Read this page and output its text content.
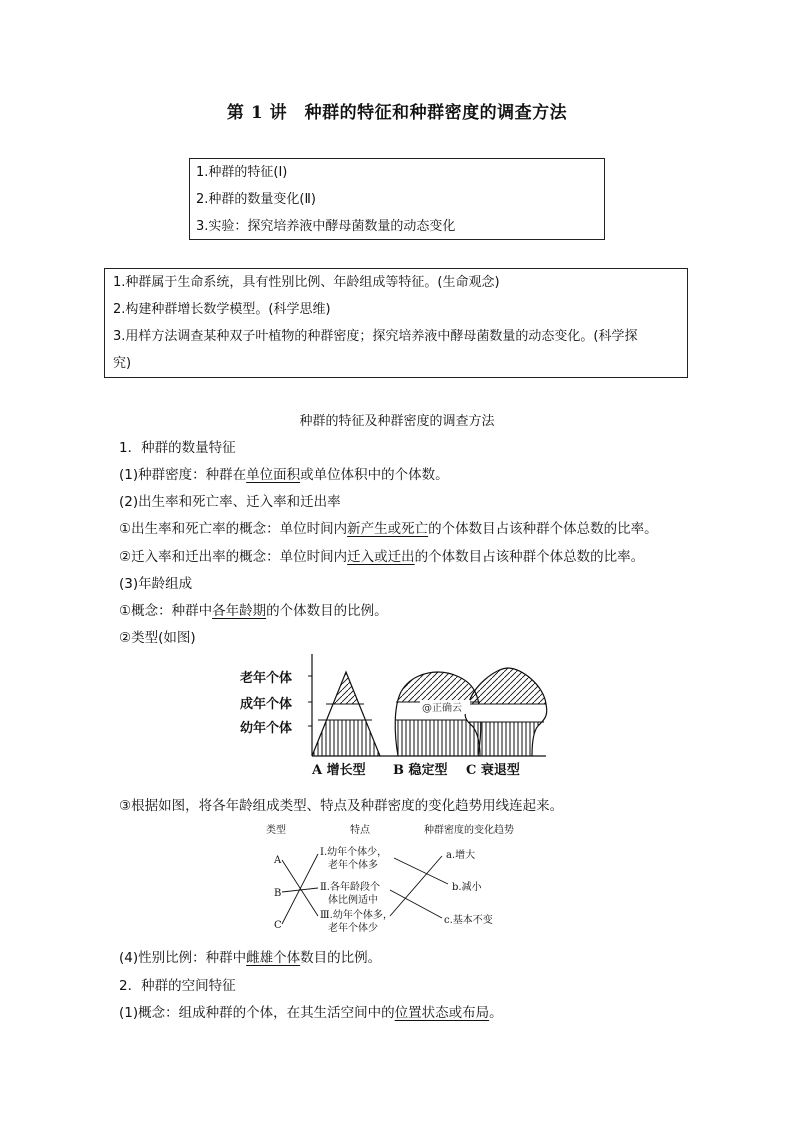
第 1 讲　种群的特征和种群密度的调查方法
1.种群的特征(Ⅰ)
2.种群的数量变化(Ⅱ)
3.实验：探究培养液中酵母菌数量的动态变化
1.种群属于生命系统，具有性别比例、年龄组成等特征。(生命观念)
2.构建种群增长数学模型。(科学思维)
3.用样方法调查某种双子叶植物的种群密度；探究培养液中酵母菌数量的动态变化。(科学探
究)
种群的特征及种群密度的调查方法
1．种群的数量特征
(1)种群密度：种群在单位面积或单位体积中的个体数。
(2)出生率和死亡率、迁入率和迁出率
①出生率和死亡率的概念：单位时间内新产生或死亡的个体数目占该种群个体总数的比率。
②迁入率和迁出率的概念：单位时间内迁入或迁出的个体数目占该种群个体总数的比率。
(3)年龄组成
①概念：种群中各年龄期的个体数目的比例。
②类型(如图)
老年个体
成年个体
幼年个体
@正确云
A 增长型 B 稳定型 C 衰退型
③根据如图，将各年龄组成类型、特点及种群密度的变化趋势用线连起来。
类型	特点	种群密度的变化趋势
A
B
C
Ⅰ.幼年个体少，
老年个体多
Ⅱ.各年龄段个
体比例适中
Ⅲ.幼年个体多，
老年个体少
a.增大
b.减小
c.基本不变
(4)性别比例：种群中雌雄个体数目的比例。
2．种群的空间特征
(1)概念：组成种群的个体，在其生活空间中的位置状态或布局。
